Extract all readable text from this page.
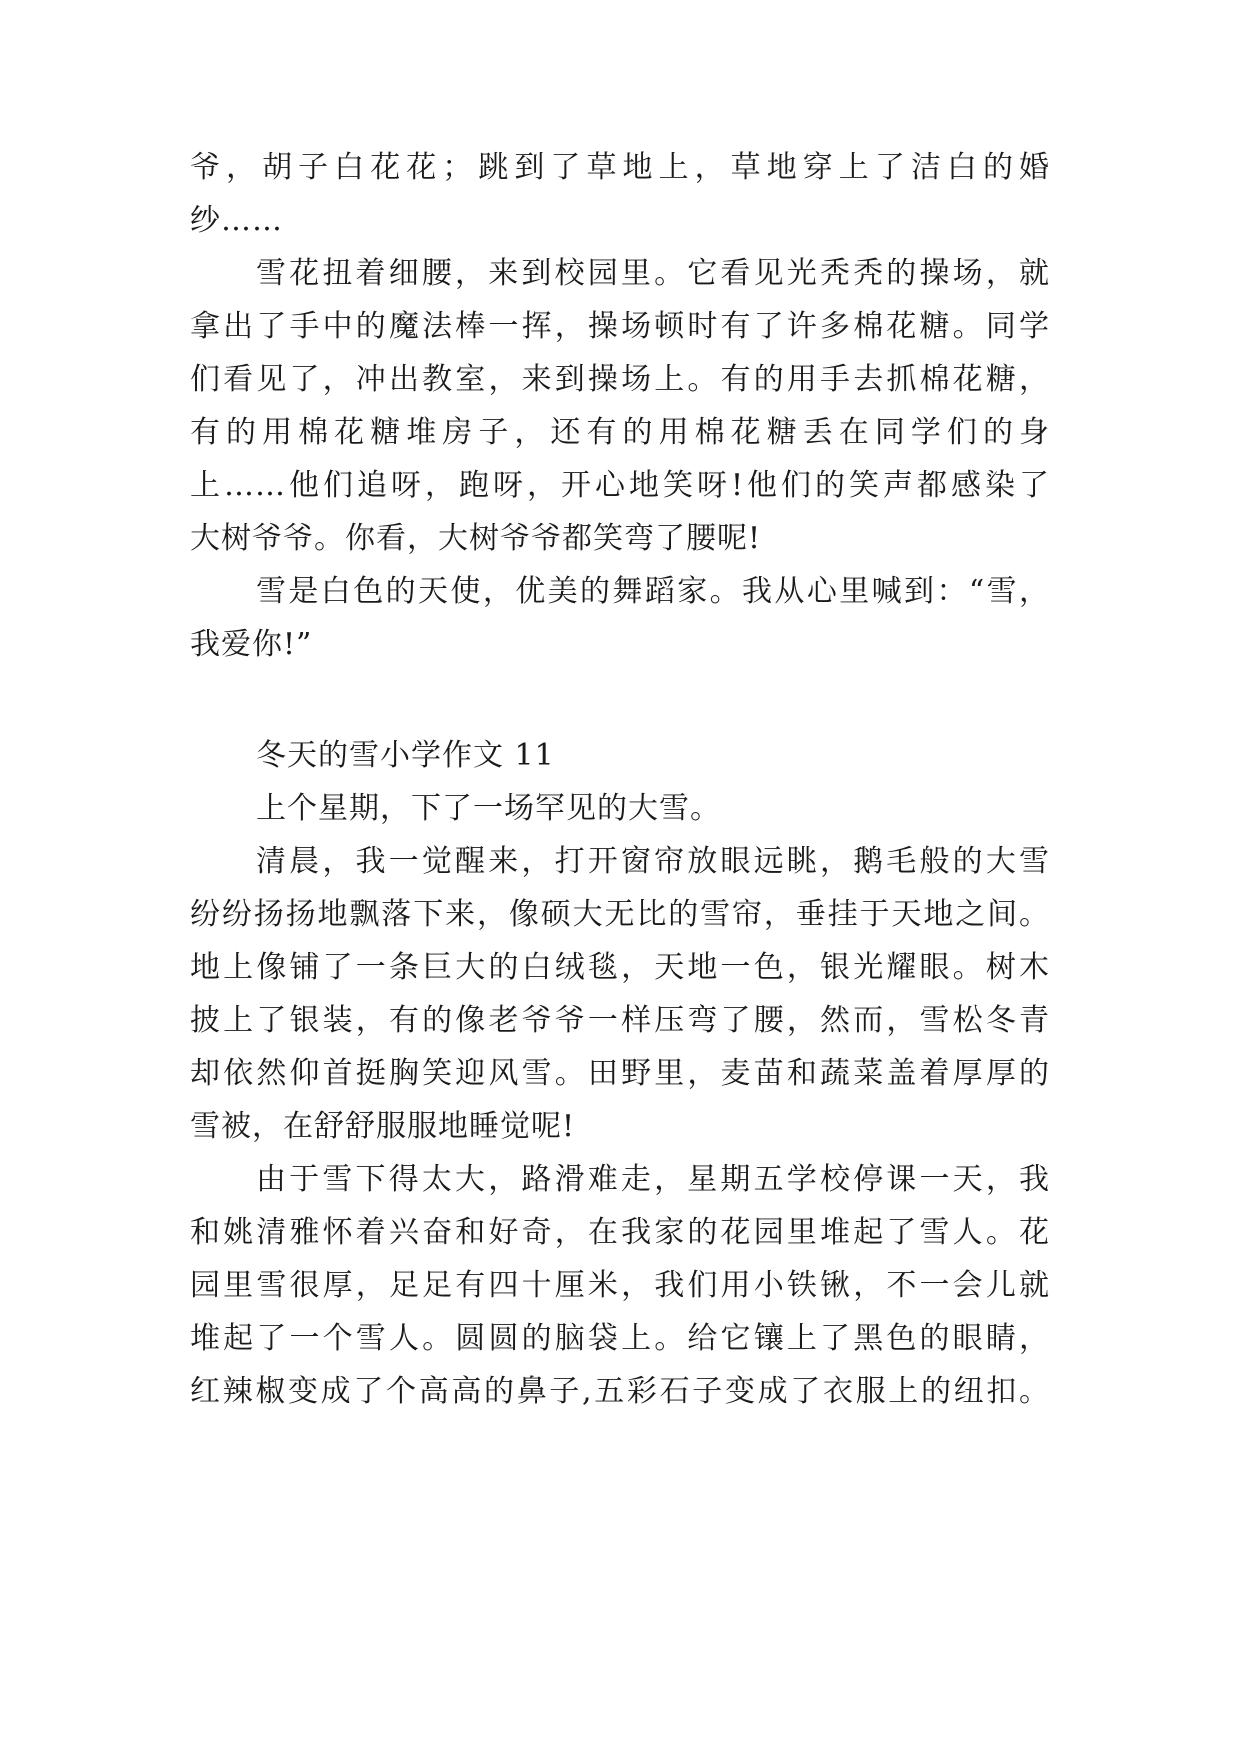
爷，胡子白花花；跳到了草地上，草地穿上了洁白的婚
纱……
雪花扭着细腰，来到校园里。它看见光秃秃的操场，就
拿出了手中的魔法棒一挥，操场顿时有了许多棉花糖。同学
们看见了，冲出教室，来到操场上。有的用手去抓棉花糖，
有的用棉花糖堆房子，还有的用棉花糖丢在同学们的身
上……他们追呀，跑呀，开心地笑呀!他们的笑声都感染了
大树爷爷。你看，大树爷爷都笑弯了腰呢!
雪是白色的天使，优美的舞蹈家。我从心里喊到：“雪，
我爱你!”
冬天的雪小学作文 11
上个星期，下了一场罕见的大雪。
清晨，我一觉醒来，打开窗帘放眼远眺，鹅毛般的大雪
纷纷扬扬地飘落下来，像硕大无比的雪帘，垂挂于天地之间。
地上像铺了一条巨大的白绒毯，天地一色，银光耀眼。树木
披上了银装，有的像老爷爷一样压弯了腰，然而，雪松冬青
却依然仰首挺胸笑迎风雪。田野里，麦苗和蔬菜盖着厚厚的
雪被，在舒舒服服地睡觉呢!
由于雪下得太大，路滑难走，星期五学校停课一天，我
和姚清雅怀着兴奋和好奇，在我家的花园里堆起了雪人。花
园里雪很厚，足足有四十厘米，我们用小铁锹，不一会儿就
堆起了一个雪人。圆圆的脑袋上。给它镶上了黑色的眼睛，
红辣椒变成了个高高的鼻子,五彩石子变成了衣服上的纽扣。
